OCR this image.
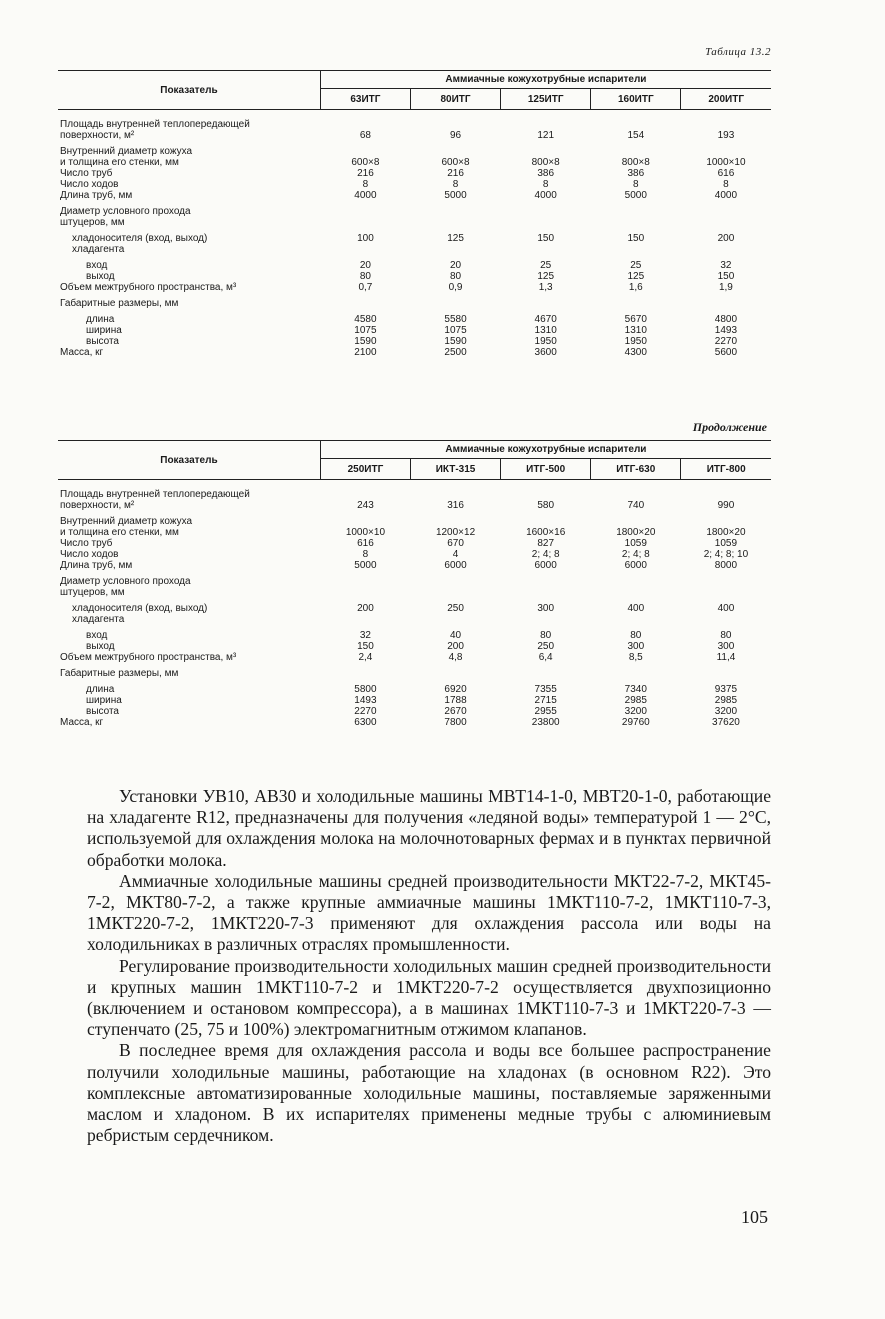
Таблица 13.2
Показатель	Аммиачные кожухотрубные испарители				
	63ИТГ	80ИТГ	125ИТГ	160ИТГ	200ИТГ
Площадь внутренней теплопередающей					
поверхности, м²	68	96	121	154	193
Внутренний диаметр кожуха					
и толщина его стенки, мм	600×8	600×8	800×8	800×8	1000×10
Число труб	216	216	386	386	616
Число ходов	8	8	8	8	8
Длина труб, мм	4000	5000	4000	5000	4000
Диаметр условного прохода					
штуцеров, мм					
хладоносителя (вход, выход)	100	125	150	150	200
хладагента					
вход	20	20	25	25	32
выход	80	80	125	125	150
Объем межтрубного пространства, м³	0,7	0,9	1,3	1,6	1,9
Габаритные размеры, мм					
длина	4580	5580	4670	5670	4800
ширина	1075	1075	1310	1310	1493
высота	1590	1590	1950	1950	2270
Масса, кг	2100	2500	3600	4300	5600
Продолжение
Показатель	Аммиачные кожухотрубные испарители				
	250ИТГ	ИКТ-315	ИТГ-500	ИТГ-630	ИТГ-800
Площадь внутренней теплопередающей					
поверхности, м²	243	316	580	740	990
Внутренний диаметр кожуха					
и толщина его стенки, мм	1000×10	1200×12	1600×16	1800×20	1800×20
Число труб	616	670	827	1059	1059
Число ходов	8	4	2; 4; 8	2; 4; 8	2; 4; 8; 10
Длина труб, мм	5000	6000	6000	6000	8000
Диаметр условного прохода					
штуцеров, мм					
хладоносителя (вход, выход)	200	250	300	400	400
хладагента					
вход	32	40	80	80	80
выход	150	200	250	300	300
Объем межтрубного пространства, м³	2,4	4,8	6,4	8,5	11,4
Габаритные размеры, мм					
длина	5800	6920	7355	7340	9375
ширина	1493	1788	2715	2985	2985
высота	2270	2670	2955	3200	3200
Масса, кг	6300	7800	23800	29760	37620

Установки УВ10, АВ30 и холодильные машины МВТ14-1-0, МВТ20-1-0, работающие на хладагенте R12, предназначены для получения «ледяной воды» температурой 1 — 2°С, используемой для охлаждения молока на молочнотоварных фермах и в пунктах первичной обработки молока.

Аммиачные холодильные машины средней производительности МКТ22-7-2, МКТ45-7-2, МКТ80-7-2, а также крупные аммиачные машины 1МКТ110-7-2, 1МКТ110-7-3, 1МКТ220-7-2, 1МКТ220-7-3 применяют для охлаждения рассола или воды на холодильниках в различных отраслях промышленности.

Регулирование производительности холодильных машин средней производительности и крупных машин 1МКТ110-7-2 и 1МКТ220-7-2 осуществляется двухпозиционно (включением и остановом компрессора), а в машинах 1МКТ110-7-3 и 1МКТ220-7-3 — ступенчато (25, 75 и 100%) электромагнитным отжимом клапанов.

В последнее время для охлаждения рассола и воды все большее распространение получили холодильные машины, работающие на хладонах (в основном R22). Это комплексные автоматизированные холодильные машины, поставляемые заряженными маслом и хладоном. В их испарителях применены медные трубы с алюминиевым ребристым сердечником.

105
